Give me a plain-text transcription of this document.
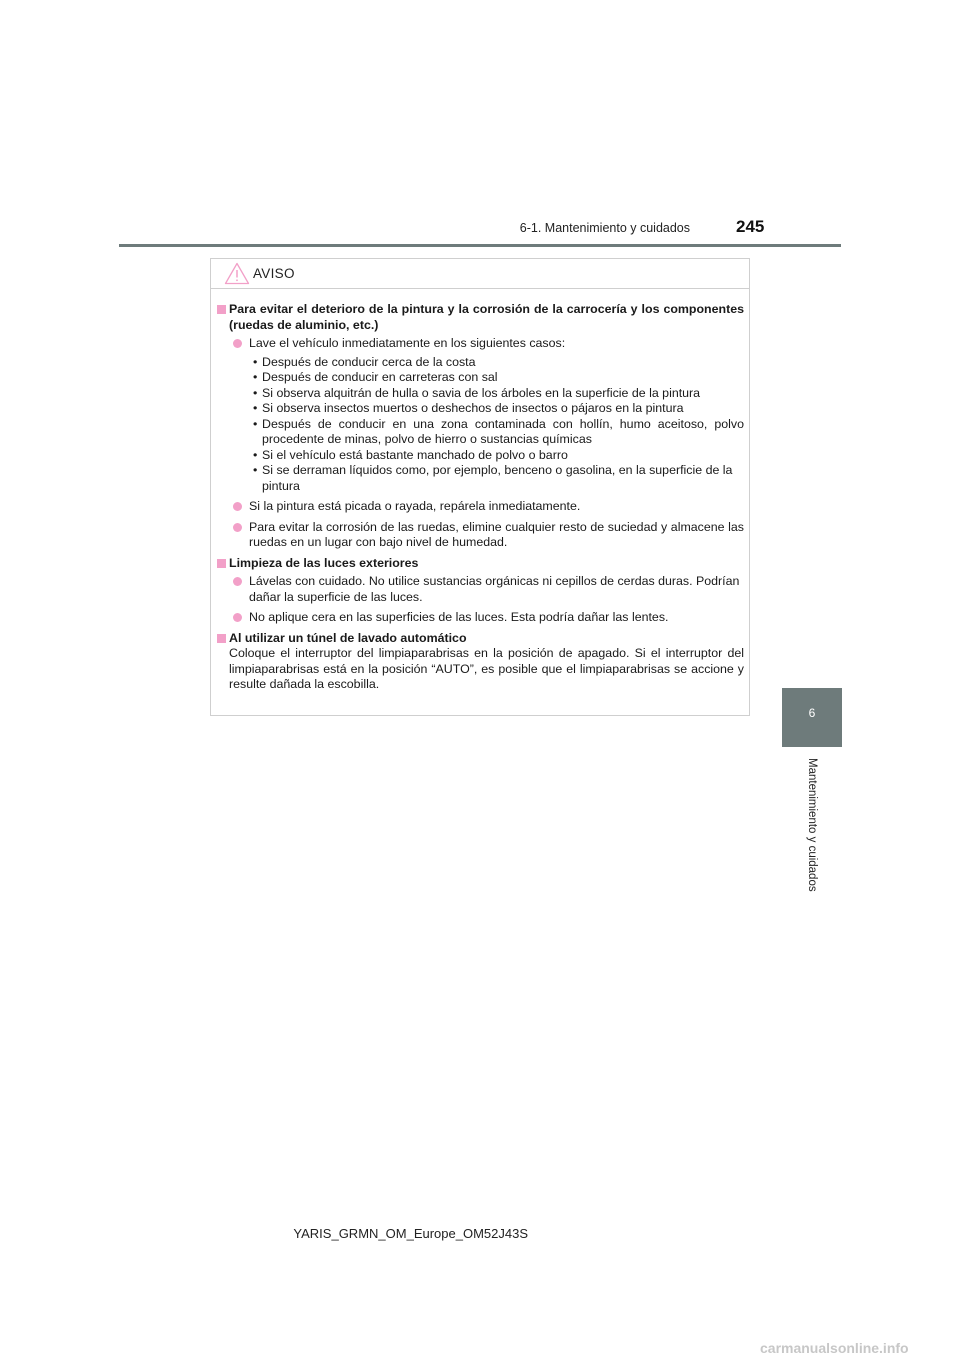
6-1. Mantenimiento y cuidados	245
6
Mantenimiento y cuidados
AVISO
Para evitar el deterioro de la pintura y la corrosión de la carrocería y los componentes (ruedas de aluminio, etc.)
Lave el vehículo inmediatamente en los siguientes casos:
• Después de conducir cerca de la costa
• Después de conducir en carreteras con sal
• Si observa alquitrán de hulla o savia de los árboles en la superficie de la pintura
• Si observa insectos muertos o deshechos de insectos o pájaros en la pintura
• Después de conducir en una zona contaminada con hollín, humo aceitoso, polvo procedente de minas, polvo de hierro o sustancias químicas
• Si el vehículo está bastante manchado de polvo o barro
• Si se derraman líquidos como, por ejemplo, benceno o gasolina, en la superficie de la pintura
Si la pintura está picada o rayada, repárela inmediatamente.
Para evitar la corrosión de las ruedas, elimine cualquier resto de suciedad y almacene las ruedas en un lugar con bajo nivel de humedad.
Limpieza de las luces exteriores
Lávelas con cuidado. No utilice sustancias orgánicas ni cepillos de cerdas duras. Podrían dañar la superficie de las luces.
No aplique cera en las superficies de las luces. Esta podría dañar las lentes.
Al utilizar un túnel de lavado automático
Coloque el interruptor del limpiaparabrisas en la posición de apagado. Si el interruptor del limpiaparabrisas está en la posición “AUTO”, es posible que el limpiaparabrisas se accione y resulte dañada la escobilla.
YARIS_GRMN_OM_Europe_OM52J43S
carmanualsonline.info
